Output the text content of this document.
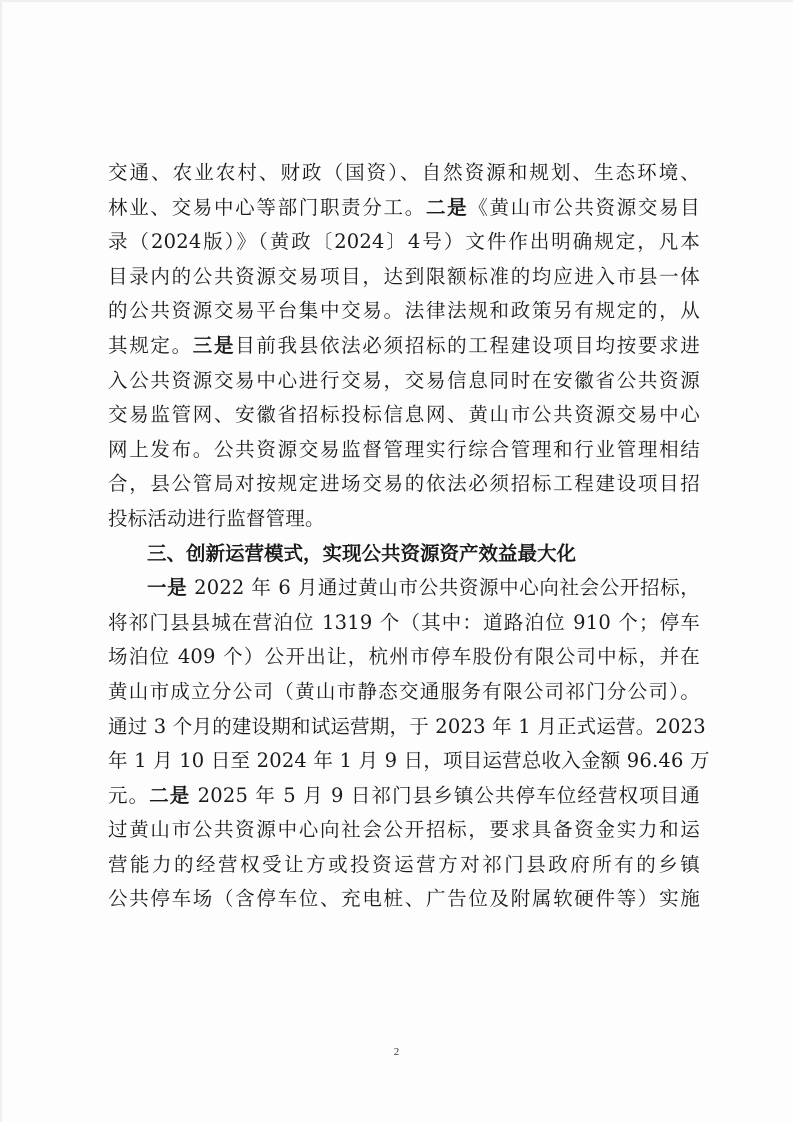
交通、农业农村、财政（国资）、自然资源和规划、生态环境、
林业、交易中心等部门职责分工。二是《黄山市公共资源交易目
录（2024版）》（黄政〔2024〕4号）文件作出明确规定，凡本
目录内的公共资源交易项目，达到限额标准的均应进入市县一体
的公共资源交易平台集中交易。法律法规和政策另有规定的，从
其规定。三是目前我县依法必须招标的工程建设项目均按要求进
入公共资源交易中心进行交易，交易信息同时在安徽省公共资源
交易监管网、安徽省招标投标信息网、黄山市公共资源交易中心
网上发布。公共资源交易监督管理实行综合管理和行业管理相结
合，县公管局对按规定进场交易的依法必须招标工程建设项目招
投标活动进行监督管理。
三、创新运营模式，实现公共资源资产效益最大化
一是 2022 年 6 月通过黄山市公共资源中心向社会公开招标，
将祁门县县城在营泊位 1319 个（其中：道路泊位 910 个；停车
场泊位 409 个）公开出让，杭州市停车股份有限公司中标，并在
黄山市成立分公司（黄山市静态交通服务有限公司祁门分公司）。
通过 3 个月的建设期和试运营期，于 2023 年 1 月正式运营。2023
年 1 月 10 日至 2024 年 1 月 9 日，项目运营总收入金额 96.46 万
元。二是 2025 年 5 月 9 日祁门县乡镇公共停车位经营权项目通
过黄山市公共资源中心向社会公开招标，要求具备资金实力和运
营能力的经营权受让方或投资运营方对祁门县政府所有的乡镇
公共停车场（含停车位、充电桩、广告位及附属软硬件等）实施
2
